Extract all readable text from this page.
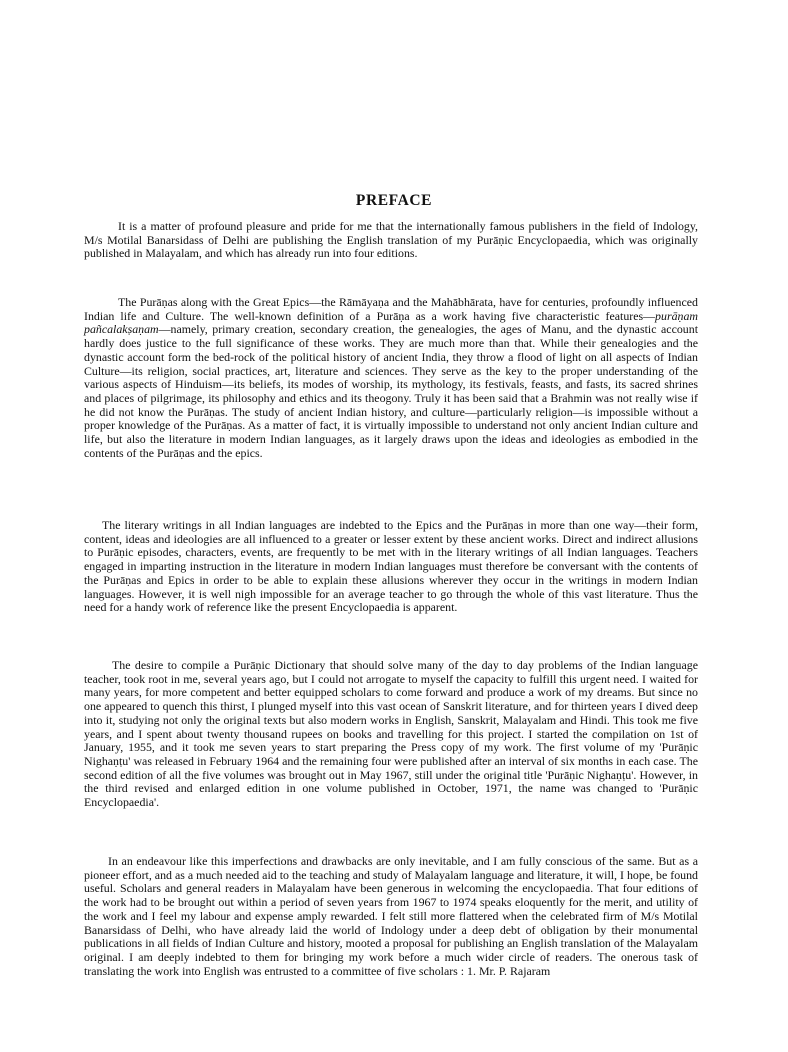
PREFACE

It is a matter of profound pleasure and pride for me that the internationally famous publishers in the field of Indology, M/s Motilal Banarsidass of Delhi are publishing the English translation of my Purāṇic Encyclopaedia, which was originally published in Malayalam, and which has already run into four editions.

The Purāṇas along with the Great Epics—the Rāmāyaṇa and the Mahābhārata, have for centuries, profoundly influenced Indian life and Culture. The well-known definition of a Purāṇa as a work having five characteristic features—purāṇam pañcalakṣaṇam—namely, primary creation, secondary creation, the genealogies, the ages of Manu, and the dynastic account hardly does justice to the full significance of these works. They are much more than that. While their genealogies and the dynastic account form the bed-rock of the political history of ancient India, they throw a flood of light on all aspects of Indian Culture—its religion, social practices, art, literature and sciences. They serve as the key to the proper understanding of the various aspects of Hinduism—its beliefs, its modes of worship, its mythology, its festivals, feasts, and fasts, its sacred shrines and places of pilgrimage, its philosophy and ethics and its theogony. Truly it has been said that a Brahmin was not really wise if he did not know the Purāṇas. The study of ancient Indian history, and culture—particularly religion—is impossible without a proper knowledge of the Purāṇas. As a matter of fact, it is virtually impossible to understand not only ancient Indian culture and life, but also the literature in modern Indian languages, as it largely draws upon the ideas and ideologies as embodied in the contents of the Purāṇas and the epics.

The literary writings in all Indian languages are indebted to the Epics and the Purāṇas in more than one way—their form, content, ideas and ideologies are all influenced to a greater or lesser extent by these ancient works. Direct and indirect allusions to Purāṇic episodes, characters, events, are frequently to be met with in the literary writings of all Indian languages. Teachers engaged in imparting instruction in the literature in modern Indian languages must therefore be conversant with the contents of the Purāṇas and Epics in order to be able to explain these allusions wherever they occur in the writings in modern Indian languages. However, it is well nigh impossible for an average teacher to go through the whole of this vast literature. Thus the need for a handy work of reference like the present Encyclopaedia is apparent.

The desire to compile a Purāṇic Dictionary that should solve many of the day to day problems of the Indian language teacher, took root in me, several years ago, but I could not arrogate to myself the capacity to fulfill this urgent need. I waited for many years, for more competent and better equipped scholars to come forward and produce a work of my dreams. But since no one appeared to quench this thirst, I plunged myself into this vast ocean of Sanskrit literature, and for thirteen years I dived deep into it, studying not only the original texts but also modern works in English, Sanskrit, Malayalam and Hindi. This took me five years, and I spent about twenty thousand rupees on books and travelling for this project. I started the compilation on 1st of January, 1955, and it took me seven years to start preparing the Press copy of my work. The first volume of my 'Purāṇic Nighaṇṭu' was released in February 1964 and the remaining four were published after an interval of six months in each case. The second edition of all the five volumes was brought out in May 1967, still under the original title 'Purāṇic Nighaṇṭu'. However, in the third revised and enlarged edition in one volume published in October, 1971, the name was changed to 'Purāṇic Encyclopaedia'.

In an endeavour like this imperfections and drawbacks are only inevitable, and I am fully conscious of the same. But as a pioneer effort, and as a much needed aid to the teaching and study of Malayalam language and literature, it will, I hope, be found useful. Scholars and general readers in Malayalam have been generous in welcoming the encyclopaedia. That four editions of the work had to be brought out within a period of seven years from 1967 to 1974 speaks eloquently for the merit, and utility of the work and I feel my labour and expense amply rewarded. I felt still more flattered when the celebrated firm of M/s Motilal Banarsidass of Delhi, who have already laid the world of Indology under a deep debt of obligation by their monumental publications in all fields of Indian Culture and history, mooted a proposal for publishing an English translation of the Malayalam original. I am deeply indebted to them for bringing my work before a much wider circle of readers. The onerous task of translating the work into English was entrusted to a committee of five scholars : 1. Mr. P. Rajaram
